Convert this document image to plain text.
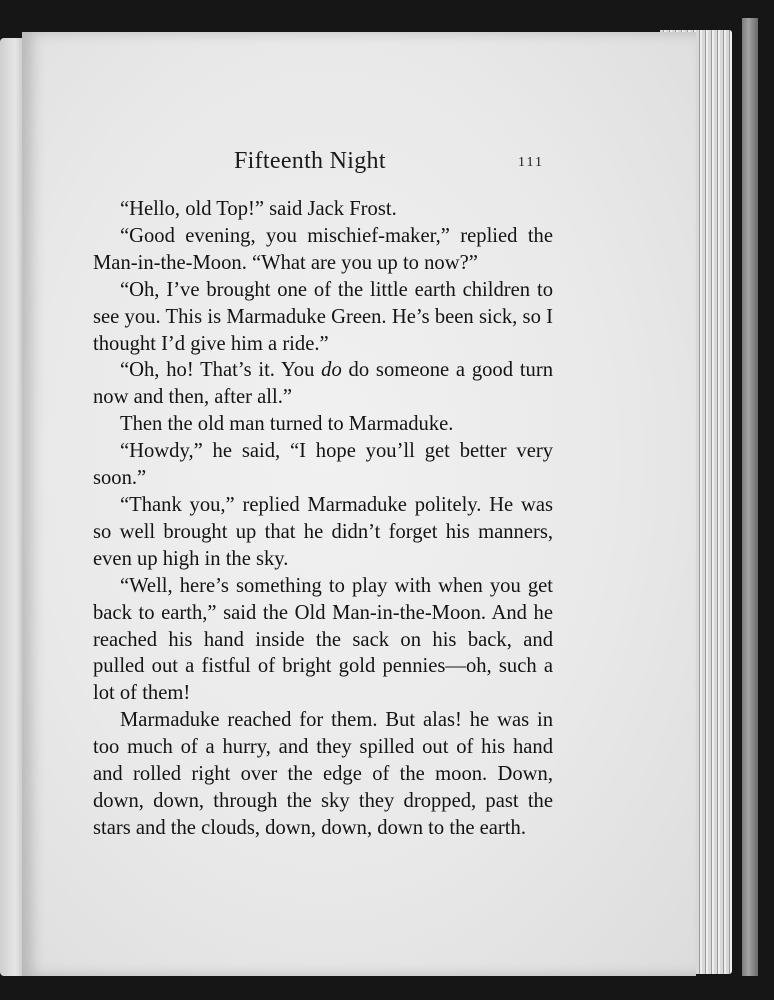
Fifteenth Night	111

“Hello, old Top!” said Jack Frost.

“Good evening, you mischief-maker,” replied the Man-in-the-Moon. “What are you up to now?”

“Oh, I’ve brought one of the little earth children to see you. This is Marmaduke Green. He’s been sick, so I thought I’d give him a ride.”

“Oh, ho! That’s it. You do do someone a good turn now and then, after all.”

Then the old man turned to Marmaduke.

“Howdy,” he said, “I hope you’ll get better very soon.”

“Thank you,” replied Marmaduke politely. He was so well brought up that he didn’t forget his manners, even up high in the sky.

“Well, here’s something to play with when you get back to earth,” said the Old Man-in-the-Moon. And he reached his hand inside the sack on his back, and pulled out a fistful of bright gold pennies—oh, such a lot of them!

Marmaduke reached for them. But alas! he was in too much of a hurry, and they spilled out of his hand and rolled right over the edge of the moon. Down, down, down, through the sky they dropped, past the stars and the clouds, down, down, down to the earth.
